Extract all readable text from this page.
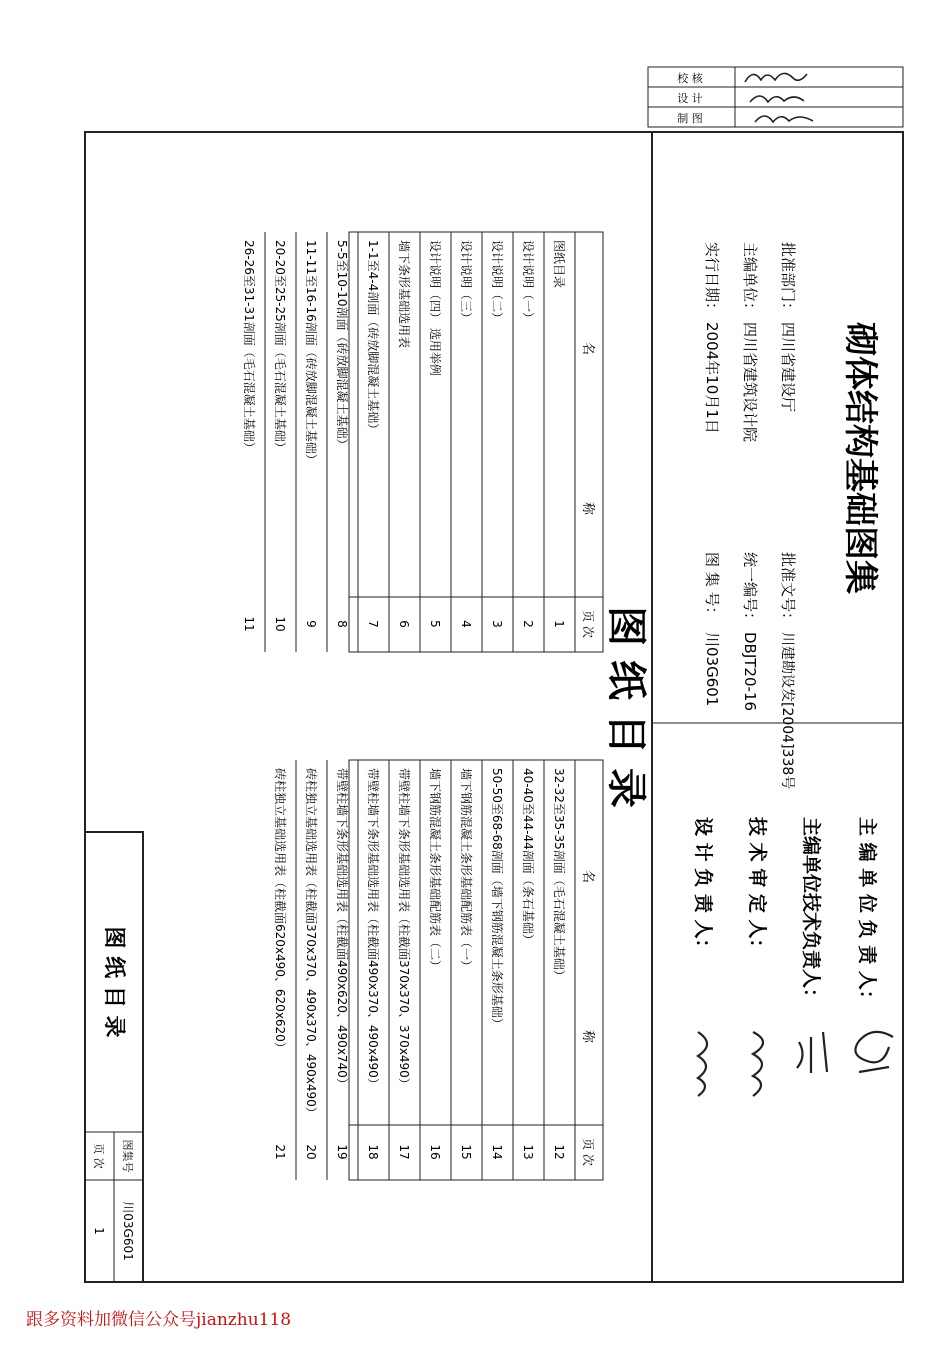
校 核
设 计
制 图
砌体结构基础图集
批准部门：
四川省建设厅
主编单位：
四川省建筑设计院
实行日期：
2004年10月1日
批准文号：
川建勘设发[2004]338号
统一编号：
DBJT20-16
图 集 号：
川03G601
主 编 单 位 负 责 人：
主编单位技术负责人：
技 术 审 定 人：
设 计 负 责 人：
图 纸 目 录
图纸目录
1
设计说明（一）
2
设计说明（二）
3
设计说明（三）
4
设计说明（四） 选用举例
5
墙下条形基础选用表
6
1-1至4-4剖面（砖放脚混凝土基础）
7
5-5至10-10剖面（砖放脚混凝土基础）
8
11-11至16-16剖面（砖放脚混凝土基础）
9
20-20至25-25剖面（毛石混凝土基础）
10
26-26至31-31剖面（毛石混凝土基础）
11
名
称
页 次
32-32至35-35剖面（毛石混凝土基础）
12
40-40至44-44剖面（条石基础）
13
50-50至68-68剖面（墙下钢筋混凝土条形基础）
14
墙下钢筋混凝土条形基础配筋表（一）
15
墙下钢筋混凝土条形基础配筋表（二）
16
带壁柱墙下条形基础选用表（柱截面370x370、370x490）
17
带壁柱墙下条形基础选用表（柱截面490x370、490x490）
18
带壁柱墙下条形基础选用表（柱截面490x620、490x740）
19
砖柱独立基础选用表（柱截面370x370、490x370、490x490）
20
砖柱独立基础选用表（柱截面620x490、620x620）
21
名
称
页 次
图 纸 目 录
图集号
川03G601
页 次
1
跟多资料加微信公众号jianzhu118
